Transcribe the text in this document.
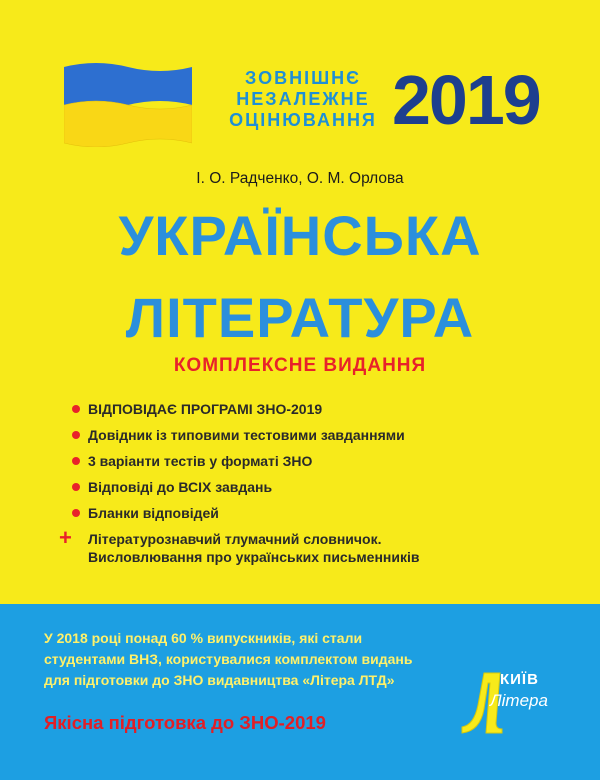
ЗОВНІШНЄ
НЕЗАЛЕЖНЕ
ОЦІНЮВАННЯ 2019
І. О. Радченко, О. М. Орлова
УКРАЇНСЬКА
ЛІТЕРАТУРА
КОМПЛЕКСНЕ ВИДАННЯ
ВІДПОВІДАЄ ПРОГРАМІ ЗНО-2019
Довідник із типовими тестовими завданнями
3 варіанти тестів у форматі ЗНО
Відповіді до ВСІХ завдань
Бланки відповідей
+ Літературознавчий тлумачний словничок.
Висловлювання про українських письменників
У 2018 році понад 60 % випускників, які стали
студентами ВНЗ, користувалися комплектом видань
для підготовки до ЗНО видавництва «Літера ЛТД»
Якісна підготовка до ЗНО-2019
КИЇВ
Літера
